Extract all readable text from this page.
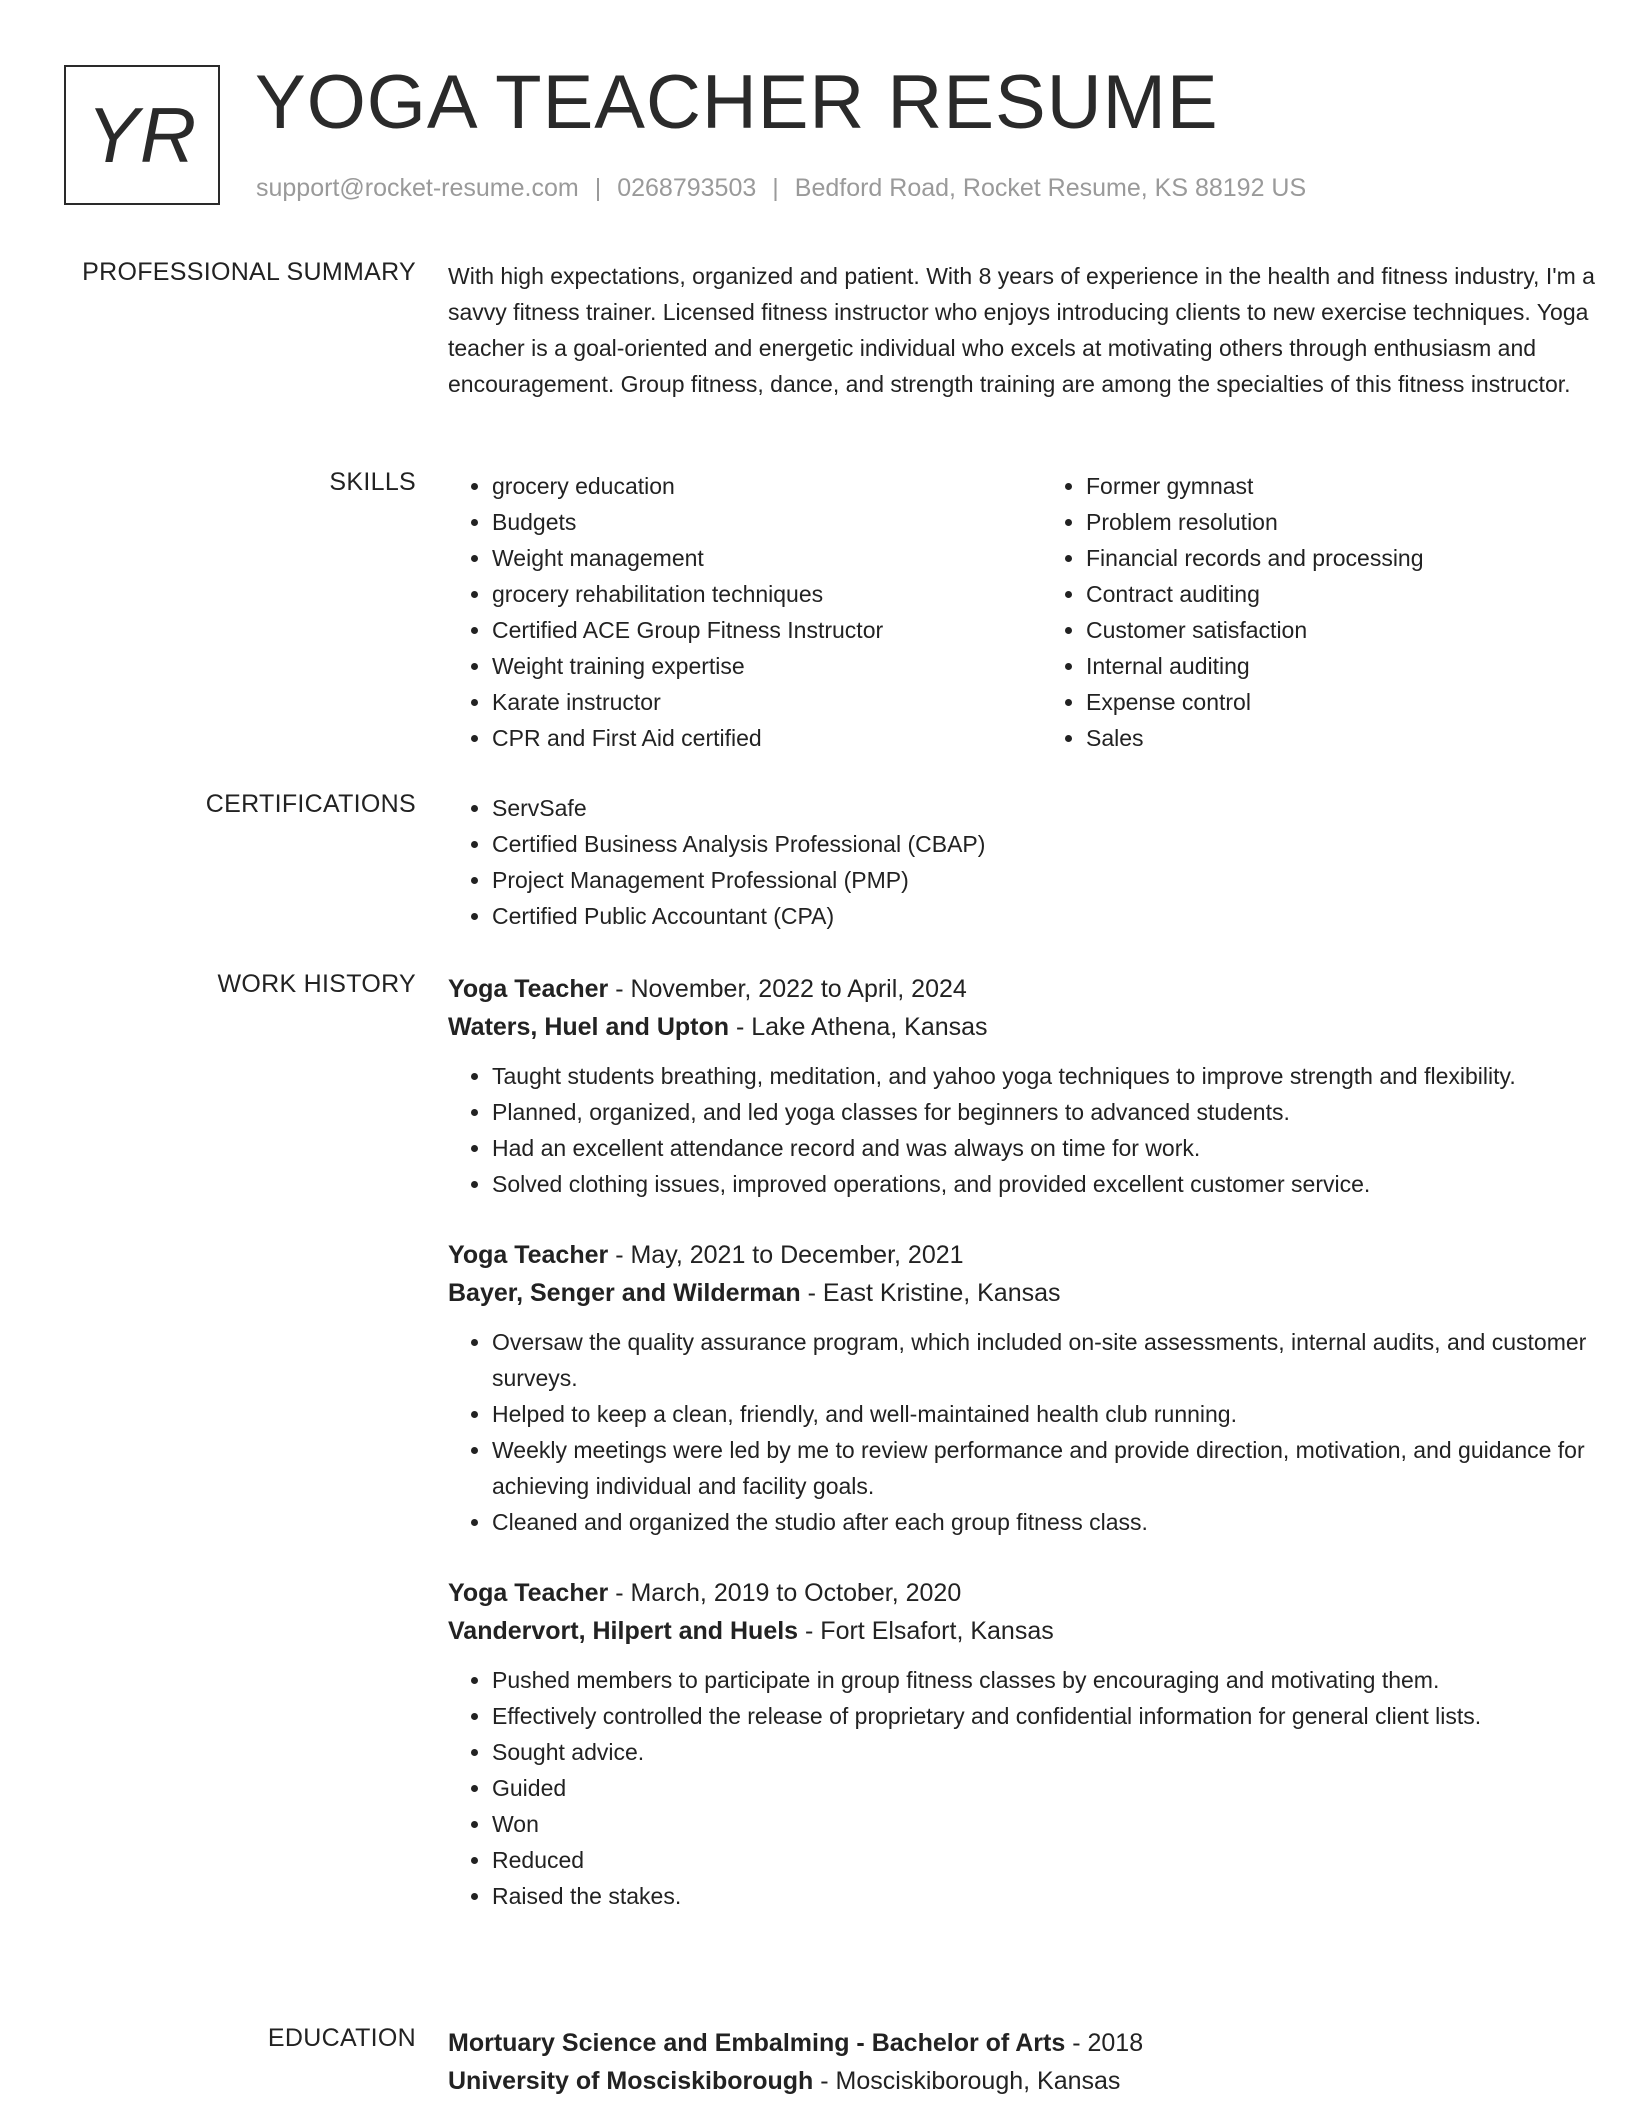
YR YOGA TEACHER RESUME
support@rocket-resume.com | 0268793503 | Bedford Road, Rocket Resume, KS 88192 US
PROFESSIONAL SUMMARY With high expectations, organized and patient. With 8 years of experience in the health and fitness industry, I'm a savvy fitness trainer. Licensed fitness instructor who enjoys introducing clients to new exercise techniques. Yoga teacher is a goal-oriented and energetic individual who excels at motivating others through enthusiasm and encouragement. Group fitness, dance, and strength training are among the specialties of this fitness instructor.

SKILLS	• grocery education
• Budgets
• Weight management
• grocery rehabilitation techniques
• Certified ACE Group Fitness Instructor
• Weight training expertise
• Karate instructor
• CPR and First Aid certified
• Former gymnast
• Problem resolution
• Financial records and processing
• Contract auditing
• Customer satisfaction
• Internal auditing
• Expense control
• Sales
CERTIFICATIONS	• ServSafe
• Certified Business Analysis Professional (CBAP)
• Project Management Professional (PMP)
• Certified Public Accountant (CPA)
WORK HISTORY Yoga Teacher - November, 2022 to April, 2024
Waters, Huel and Upton - Lake Athena, Kansas
• Taught students breathing, meditation, and yahoo yoga techniques to improve strength and flexibility.
• Planned, organized, and led yoga classes for beginners to advanced students.
• Had an excellent attendance record and was always on time for work.
• Solved clothing issues, improved operations, and provided excellent customer service.
Yoga Teacher - May, 2021 to December, 2021
Bayer, Senger and Wilderman - East Kristine, Kansas
• Oversaw the quality assurance program, which included on-site assessments, internal audits, and customer surveys.
• Helped to keep a clean, friendly, and well-maintained health club running.
• Weekly meetings were led by me to review performance and provide direction, motivation, and guidance for achieving individual and facility goals.
• Cleaned and organized the studio after each group fitness class.
Yoga Teacher - March, 2019 to October, 2020
Vandervort, Hilpert and Huels - Fort Elsafort, Kansas
• Pushed members to participate in group fitness classes by encouraging and motivating them.
• Effectively controlled the release of proprietary and confidential information for general client lists.
• Sought advice.
• Guided
• Won
• Reduced
• Raised the stakes.
EDUCATION Mortuary Science and Embalming - Bachelor of Arts - 2018
University of Mosciskiborough - Mosciskiborough, Kansas
